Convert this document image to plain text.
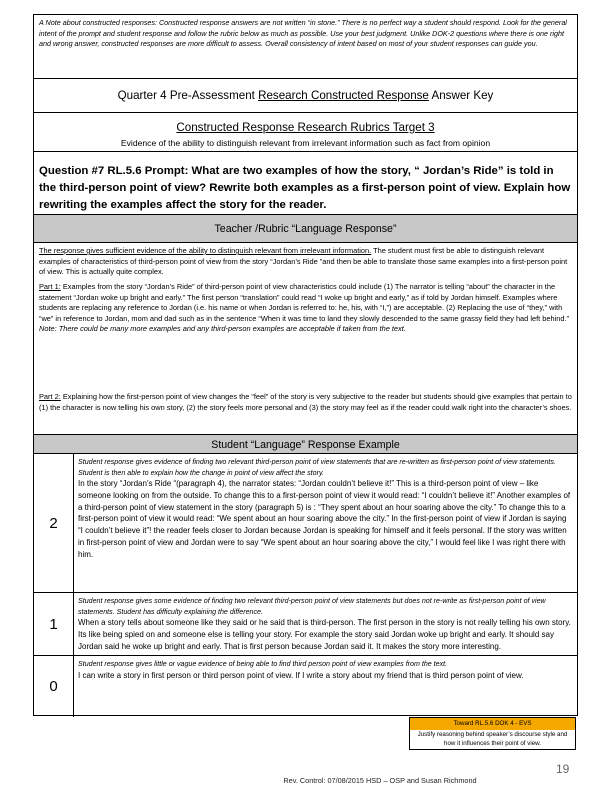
A Note about constructed responses: Constructed response answers are not written “in stone.” There is no perfect way a student should respond. Look for the general intent of the prompt and student response and follow the rubric below as much as possible. Use your best judgment. Unlike DOK-2 questions where there is one right and wrong answer, constructed responses are more difficult to assess. Overall consistency of intent based on most of your student responses can guide you.
Quarter 4 Pre-Assessment Research Constructed Response Answer Key
Constructed Response Research Rubrics Target 3
Evidence of the ability to distinguish relevant from irrelevant information such as fact from opinion
Question #7 RL.5.6 Prompt: What are two examples of how the story, “ Jordan’s Ride” is told in the third-person point of view? Rewrite both examples as a first-person point of view. Explain how rewriting the examples affect the story for the reader.
Teacher /Rubric “Language Response”
The response gives sufficient evidence of the ability to distinguish relevant from irrelevant information. The student must first be able to distinguish relevant examples of characteristics of third-person point of view from the story “Jordan’s Ride ”and then be able to translate those same examples into a first-person point of view. This is actually quite complex.
Part 1: Examples from the story “Jordan’s Ride” of third-person point of view characteristics could include (1) The narrator is telling “about” the character in the statement “Jordan woke up bright and early.” The first person “translation” could read “I woke up bright and early,” as if told by Jordan himself. Examples where students are replacing any reference to Jordan (i.e. his name or when Jordan is referred to: he, his, with “I,”) are acceptable. (2) Replacing the use of “they,” with “we” in reference to Jordan, mom and dad such as in the sentence “When it was time to land they slowly descended to the same grassy field they had left behind.” Note: There could be many more examples and any third-person examples are acceptable if taken from the text.
Part 2: Explaining how the first-person point of view changes the “feel” of the story is very subjective to the reader but students should give examples that pertain to (1) the character is now telling his own story, (2) the story feels more personal and (3) the story may feel as if the reader could walk right into the character’s shoes.
Student “Language” Response Example
2
Student response gives evidence of finding two relevant third-person point of view statements that are re-written as first-person point of view statements. Student is then able to explain how the change in point of view affect the story.
In the story “Jordan’s Ride “(paragraph 4), the narrator states: “Jordan couldn’t believe it!” This is a third-person point of view – like someone looking on from the outside. To change this to a first-person point of view it would read: “I couldn’t believe it!” Another examples of a third-person point of view statement in the story (paragraph 5) is : “They spent about an hour soaring above the city.” To change this to a first-person point of view it would read: “We spent about an hour soaring above the city.” In the first-person point of view if Jordan is saying “I couldn’t believe it”! the reader feels closer to Jordan because Jordan is speaking for himself and it feels personal. If the story was written in first-person point of view and Jordan were to say “We spent about an hour soaring above the city,” I would feel like I was right there with him.
1
Student response gives some evidence of finding two relevant third-person point of view statements but does not re-write as first-person point of view statements. Student has difficulty explaining the difference.
When a story tells about someone like they said or he said that is third-person. The first person in the story is not really telling his own story. Its like being spied on and someone else is telling your story. For example the story said Jordan woke up bright and early. It should say Jordan said he woke up bright and early. That is first person because Jordan said it. It makes the story more interesting.
0
Student response gives little or vague evidence of being able to find third person point of view examples from the text.
I can write a story in first person or third person point of view. If I write a story about my friend that is third person point of view.
Toward RL.5.6 DOK 4 - EVS
Justify reasoning behind speaker’s discourse style and how it influences their point of view.
19
Rev. Control: 07/08/2015 HSD – OSP and Susan Richmond
